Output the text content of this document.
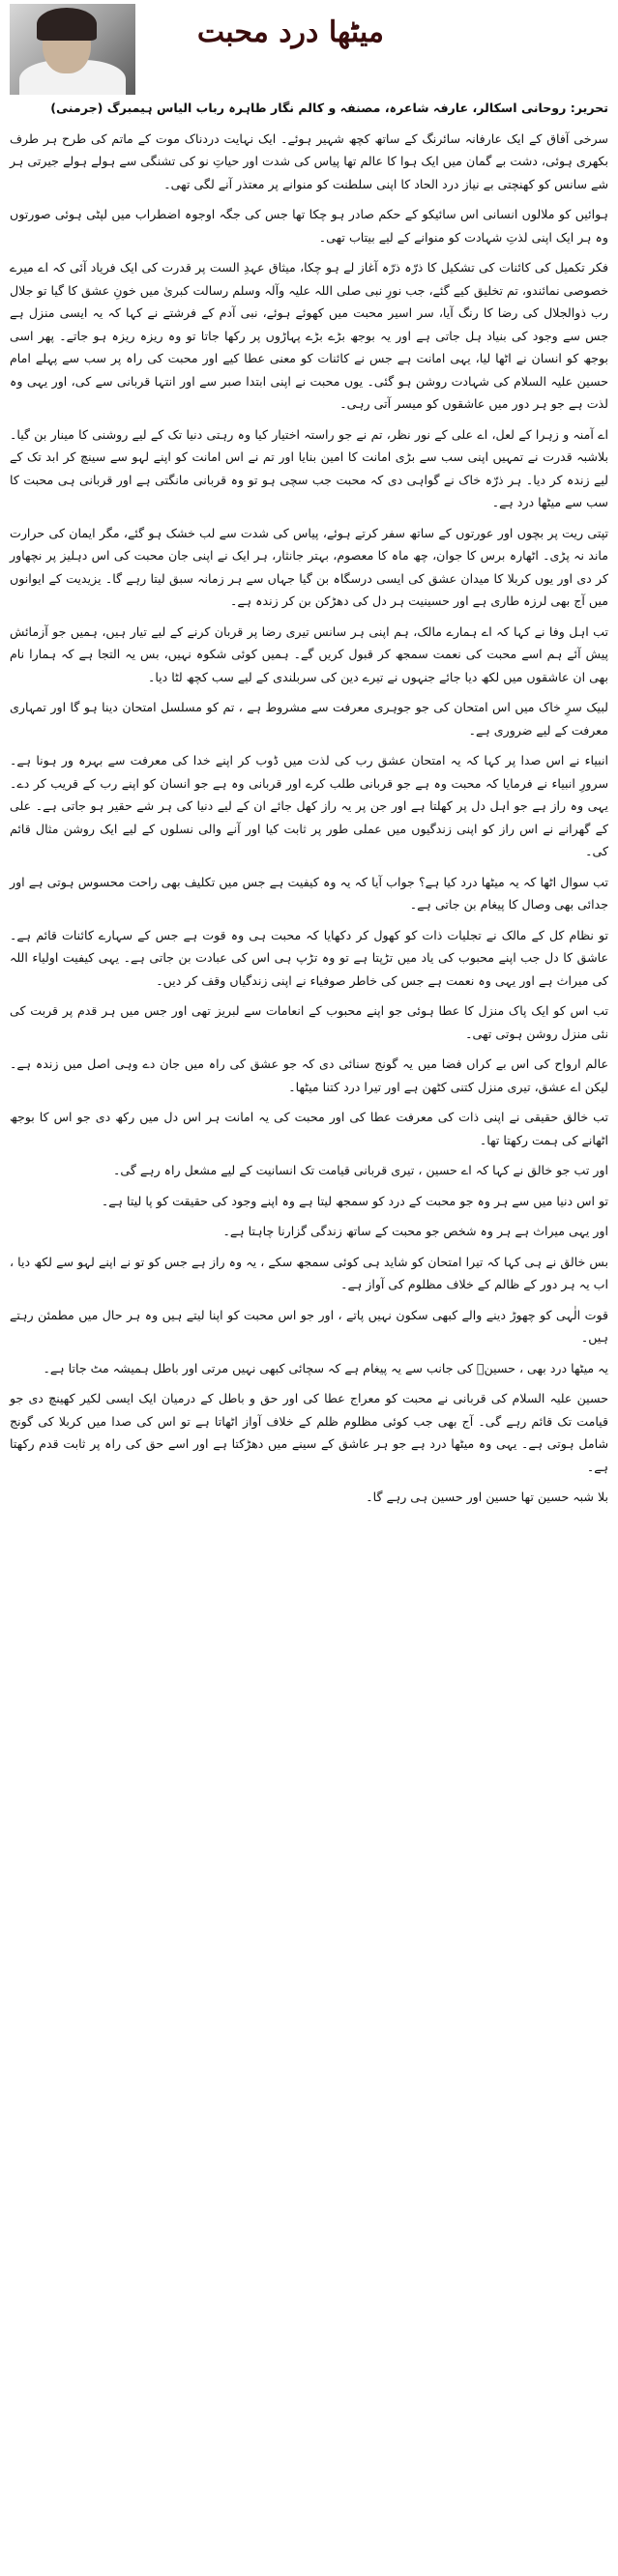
میٹھا درد محبت

تحریر: روحانی اسکالر، عارفہ شاعرہ، مصنفہ و کالم نگار طاہرہ رباب الیاس ہیمبرگ (جرمنی)

سرخی آفاق کے ایک عارفانہ سائرنگ کے ساتھ کچھ شہیر ہوئے۔ ایک نہایت دردناک موت کے ماتم کی طرح ہر طرف بکھری ہوئی، دشت بے گمان میں ایک ہوا کا عالم تھا پیاس کی شدت اور حیاتِ نو کی تشنگی سے ہولے ہولے جیرتی ہر شے سانس کو کھنچتی بے نیاز درد الحاد کا اپنی سلطنت کو منوانے پر معتذر آنے لگی تھی۔

ہوائیں کو ملالوں انسانی اس سائیکو کے حکم صادر ہو چکا تھا جس کی جگہ اوجوہ اضطراب میں لپٹی ہوئی صورتوں وہ ہر ایک اپنی لذتِ شہادت کو منوانے کے لیے بیتاب تھی۔

فکر تکمیل کی کائنات کی تشکیل کا ذرّہ ذرّہ آغاز لے ہو چکا، میثاق عہدِ الست پر قدرت کی ایک فریاد آئی کہ اے میرے خصوصی نمائندو، تم تخلیق کیے گئے، جب نورِ نبی صلی اللہ علیہ وآلہ وسلم رسالت کبریٰ میں خونِ عشق کا گیا تو جلال رب ذوالجلال کی رضا کا رنگ آیا، سر اسیر محبت میں کھوئے ہوئے، نبی آدم کے فرشتے نے کہا کہ یہ ایسی منزل ہے جس سے وجود کی بنیاد ہل جاتی ہے اور یہ بوجھ بڑے بڑے پہاڑوں پر رکھا جاتا تو وہ ریزہ ریزہ ہو جاتے۔ پھر اسی بوجھ کو انسان نے اٹھا لیا، یہی امانت ہے جس نے کائنات کو معنی عطا کیے اور محبت کی راہ پر سب سے پہلے امام حسین علیہ السلام کی شہادت روشن ہو گئی۔ یوں محبت نے اپنی ابتدا صبر سے اور انتہا قربانی سے کی، اور یہی وہ لذت ہے جو ہر دور میں عاشقوں کو میسر آتی رہی۔

اے آمنہ و زہرا کے لعل، اے علی کے نور نظر، تم نے جو راستہ اختیار کیا وہ رہتی دنیا تک کے لیے روشنی کا مینار بن گیا۔ بلاشبہ قدرت نے تمہیں اپنی سب سے بڑی امانت کا امین بنایا اور تم نے اس امانت کو اپنے لہو سے سینچ کر ابد تک کے لیے زندہ کر دیا۔ ہر ذرّہ خاک نے گواہی دی کہ محبت جب سچی ہو تو وہ قربانی مانگتی ہے اور قربانی ہی محبت کا سب سے میٹھا درد ہے۔

تپتی ریت پر بچوں اور عورتوں کے ساتھ سفر کرتے ہوئے، پیاس کی شدت سے لب خشک ہو گئے، مگر ایمان کی حرارت ماند نہ پڑی۔ اٹھارہ برس کا جوان، چھ ماہ کا معصوم، بہتر جانثار، ہر ایک نے اپنی جان محبت کی اس دہلیز پر نچھاور کر دی اور یوں کربلا کا میدان عشق کی ایسی درسگاہ بن گیا جہاں سے ہر زمانہ سبق لیتا رہے گا۔ یزیدیت کے ایوانوں میں آج بھی لرزہ طاری ہے اور حسینیت ہر دل کی دھڑکن بن کر زندہ ہے۔

تب اہل وفا نے کہا کہ اے ہمارے مالک، ہم اپنی ہر سانس تیری رضا پر قربان کرنے کے لیے تیار ہیں، ہمیں جو آزمائش پیش آئے ہم اسے محبت کی نعمت سمجھ کر قبول کریں گے۔ ہمیں کوئی شکوہ نہیں، بس یہ التجا ہے کہ ہمارا نام بھی ان عاشقوں میں لکھ دیا جائے جنہوں نے تیرے دین کی سربلندی کے لیے سب کچھ لٹا دیا۔

لبیک سرِ خاک میں اس امتحان کی جو جوہری معرفت سے مشروط ہے ، تم کو مسلسل امتحان دینا ہو گا اور تمہاری معرفت کے لیے ضروری ہے۔

انبیاء نے اس صدا پر کہا کہ یہ امتحان عشق رب کی لذت میں ڈوب کر اپنے خدا کی معرفت سے بہرہ ور ہونا ہے۔ سرورِ انبیاء نے فرمایا کہ محبت وہ ہے جو قربانی طلب کرے اور قربانی وہ ہے جو انسان کو اپنے رب کے قریب کر دے۔ یہی وہ راز ہے جو اہل دل پر کھلتا ہے اور جن پر یہ راز کھل جائے ان کے لیے دنیا کی ہر شے حقیر ہو جاتی ہے۔ علی کے گھرانے نے اس راز کو اپنی زندگیوں میں عملی طور پر ثابت کیا اور آنے والی نسلوں کے لیے ایک روشن مثال قائم کی۔

تب سوال اٹھا کہ یہ میٹھا درد کیا ہے؟ جواب آیا کہ یہ وہ کیفیت ہے جس میں تکلیف بھی راحت محسوس ہوتی ہے اور جدائی بھی وصال کا پیغام بن جاتی ہے۔

تو نظام کل کے مالک نے تجلیات ذات کو کھول کر دکھایا کہ محبت ہی وہ قوت ہے جس کے سہارے کائنات قائم ہے۔ عاشق کا دل جب اپنے محبوب کی یاد میں تڑپتا ہے تو وہ تڑپ ہی اس کی عبادت بن جاتی ہے۔ یہی کیفیت اولیاء اللہ کی میراث ہے اور یہی وہ نعمت ہے جس کی خاطر صوفیاء نے اپنی زندگیاں وقف کر دیں۔

تب اس کو ایک پاک منزل کا عطا ہوئی جو اپنے محبوب کے انعامات سے لبریز تھی اور جس میں ہر قدم پر قربت کی نئی منزل روشن ہوتی تھی۔

عالم ارواح کی اس بے کراں فضا میں یہ گونج سنائی دی کہ جو عشق کی راہ میں جان دے وہی اصل میں زندہ ہے۔ لیکن اے عشق، تیری منزل کتنی کٹھن ہے اور تیرا درد کتنا میٹھا۔

تب خالق حقیقی نے اپنی ذات کی معرفت عطا کی اور محبت کی یہ امانت ہر اس دل میں رکھ دی جو اس کا بوجھ اٹھانے کی ہمت رکھتا تھا۔

اور تب جو خالق نے کہا کہ اے حسین ، تیری قربانی قیامت تک انسانیت کے لیے مشعل راہ رہے گی۔

تو اس دنیا میں سے ہر وہ جو محبت کے درد کو سمجھ لیتا ہے وہ اپنے وجود کی حقیقت کو پا لیتا ہے۔

اور یہی میراث ہے ہر وہ شخص جو محبت کے ساتھ زندگی گزارنا چاہتا ہے۔

بس خالق نے ہی کہا کہ تیرا امتحان کو شاید ہی کوئی سمجھ سکے ، یہ وہ راز ہے جس کو تو نے اپنے لہو سے لکھ دیا ، اب یہ ہر دور کے ظالم کے خلاف مظلوم کی آواز ہے۔

قوت الٰہی کو چھوڑ دینے والے کبھی سکون نہیں پاتے ، اور جو اس محبت کو اپنا لیتے ہیں وہ ہر حال میں مطمئن رہتے ہیں۔

یہ میٹھا درد بھی ، حسینؑ کی جانب سے یہ پیغام ہے کہ سچائی کبھی نہیں مرتی اور باطل ہمیشہ مٹ جاتا ہے۔

حسین علیہ السلام کی قربانی نے محبت کو معراج عطا کی اور حق و باطل کے درمیان ایک ایسی لکیر کھینچ دی جو قیامت تک قائم رہے گی۔ آج بھی جب کوئی مظلوم ظلم کے خلاف آواز اٹھاتا ہے تو اس کی صدا میں کربلا کی گونج شامل ہوتی ہے۔ یہی وہ میٹھا درد ہے جو ہر عاشق کے سینے میں دھڑکتا ہے اور اسے حق کی راہ پر ثابت قدم رکھتا ہے۔

بلا شبہ حسین تھا حسین اور حسین ہی رہے گا۔
